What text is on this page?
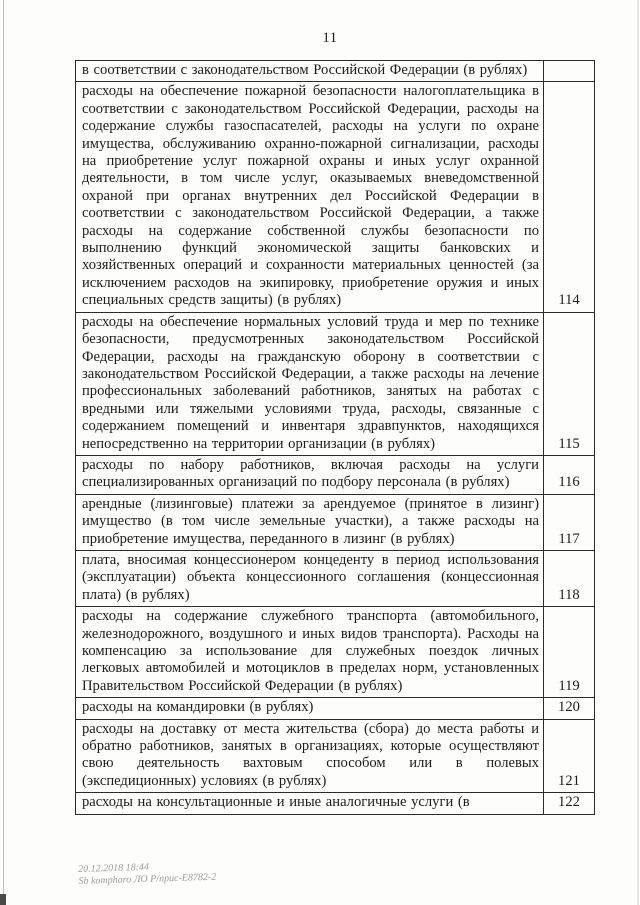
11
в соответствии с законодательством Российской Федерации (в рублях)	
расходы на обеспечение пожарной безопасности налогоплательщика в соответствии с законодательством Российской Федерации, расходы на содержание службы газоспасателей, расходы на услуги по охране имущества, обслуживанию охранно-пожарной сигнализации, расходы на приобретение услуг пожарной охраны и иных услуг охранной деятельности, в том числе услуг, оказываемых вневедомственной охраной при органах внутренних дел Российской Федерации в соответствии с законодательством Российской Федерации, а также расходы на содержание собственной службы безопасности по выполнению функций экономической защиты банковских и хозяйственных операций и сохранности материальных ценностей (за исключением расходов на экипировку, приобретение оружия и иных специальных средств защиты) (в рублях)	114
расходы на обеспечение нормальных условий труда и мер по технике безопасности, предусмотренных законодательством Российской Федерации, расходы на гражданскую оборону в соответствии с законодательством Российской Федерации, а также расходы на лечение профессиональных заболеваний работников, занятых на работах с вредными или тяжелыми условиями труда, расходы, связанные с содержанием помещений и инвентаря здравпунктов, находящихся непосредственно на территории организации (в рублях)	115
расходы по набору работников, включая расходы на услуги специализированных организаций по подбору персонала (в рублях)	116
арендные (лизинговые) платежи за арендуемое (принятое в лизинг) имущество (в том числе земельные участки), а также расходы на приобретение имущества, переданного в лизинг (в рублях)	117
плата, вносимая концессионером концеденту в период использования (эксплуатации) объекта концессионного соглашения (концессионная плата) (в рублях)	118
расходы на содержание служебного транспорта (автомобильного, железнодорожного, воздушного и иных видов транспорта). Расходы на компенсацию за использование для служебных поездок личных легковых автомобилей и мотоциклов в пределах норм, установленных Правительством Российской Федерации (в рублях)	119
расходы на командировки (в рублях)	120
расходы на доставку от места жительства (сбора) до места работы и обратно работников, занятых в организациях, которые осуществляют свою деятельность вахтовым способом или в полевых (экспедиционных) условиях (в рублях)	121
расходы на консультационные и иные аналогичные услуги (в	122
20.12.2018 18:44
Sb kompharo ЛО Р/прис-Е8782-2
